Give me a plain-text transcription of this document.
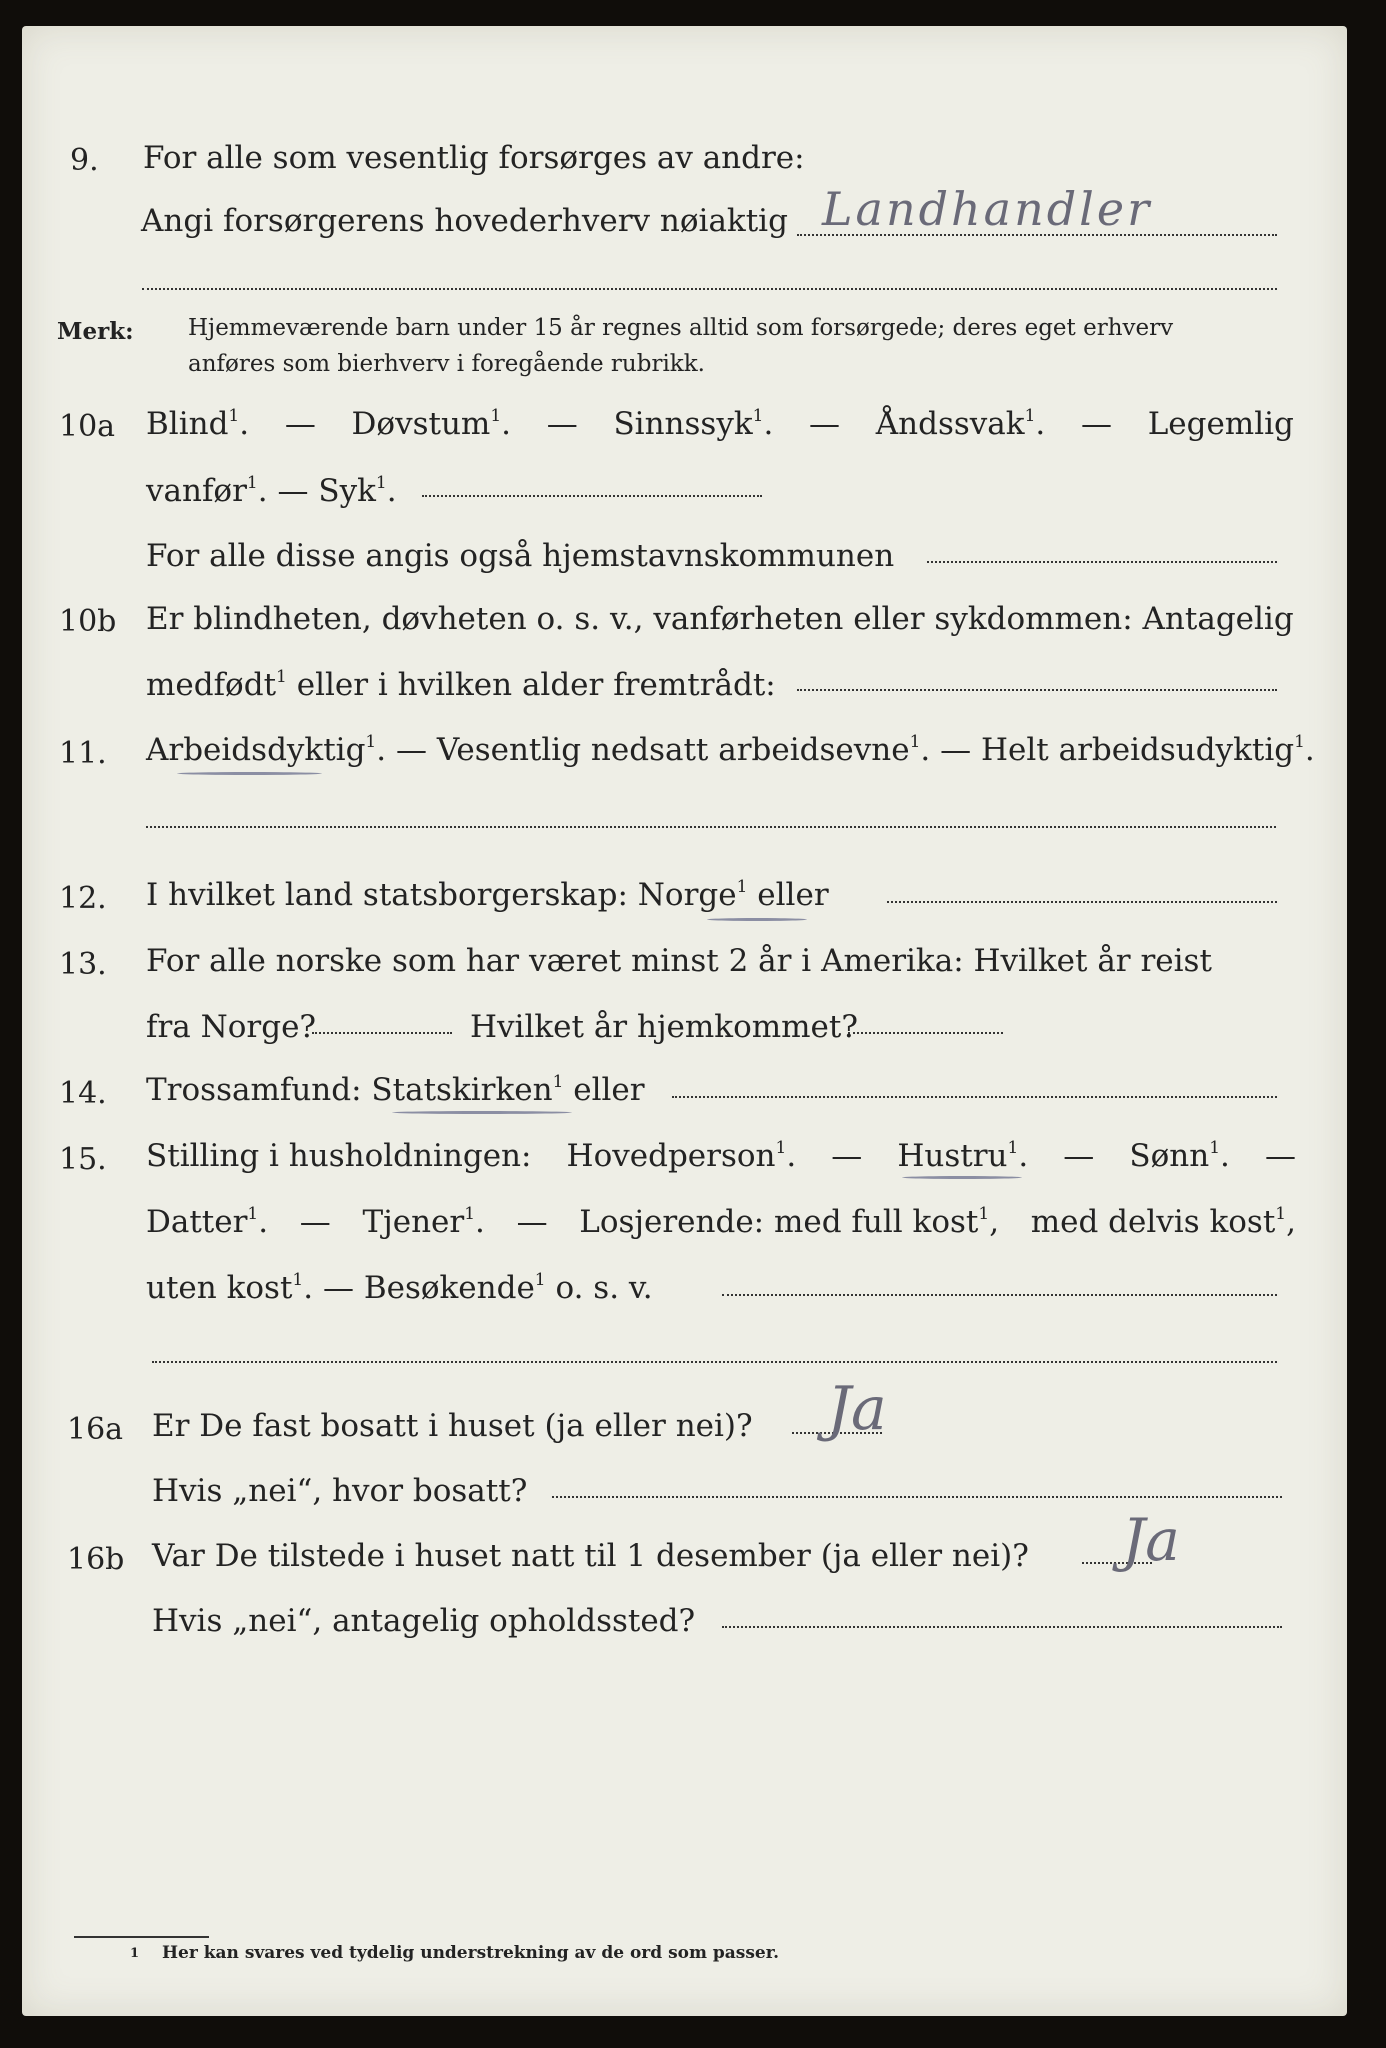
9. For alle som vesentlig forsørges av andre:
Angi forsørgerens hovederhverv nøiaktig Landhandler
Merk: Hjemmeværende barn under 15 år regnes alltid som forsørgede; deres eget erhverv
anføres som bierhverv i foregående rubrikk.
10a Blind$^1$. — Døvstum$^1$. — Sinnssyk$^1$. — Åndssvak$^1$. — Legemlig
vanfør$^1$. — Syk$^1$.
For alle disse angis også hjemstavnskommunen
10b Er blindheten, døvheten o. s. v., vanførheten eller sykdommen: Antagelig
medfødt$^1$ eller i hvilken alder fremtrådt:
11. Arbeidsdyktig$^1$. — Vesentlig nedsatt arbeidsevne$^1$. — Helt arbeidsudyktig$^1$.
12. I hvilket land statsborgerskap: Norge$^1$ eller
13. For alle norske som har været minst 2 år i Amerika: Hvilket år reist
fra Norge?	Hvilket år hjemkommet?
14. Trossamfund: Statskirken$^1$ eller
15. Stilling i husholdningen: Hovedperson$^1$. — Hustru$^1$. — Sønn$^1$. —
Datter$^1$. — Tjener$^1$. — Losjerende: med full kost$^1$, med delvis kost$^1$,
uten kost$^1$. — Besøkende$^1$ o. s. v.
16a Er De fast bosatt i huset (ja eller nei)? Ja
Hvis „nei“, hvor bosatt?
16b Var De tilstede i huset natt til 1 desember (ja eller nei)? Ja
Hvis „nei“, antagelig opholdssted?
1 Her kan svares ved tydelig understrekning av de ord som passer.
